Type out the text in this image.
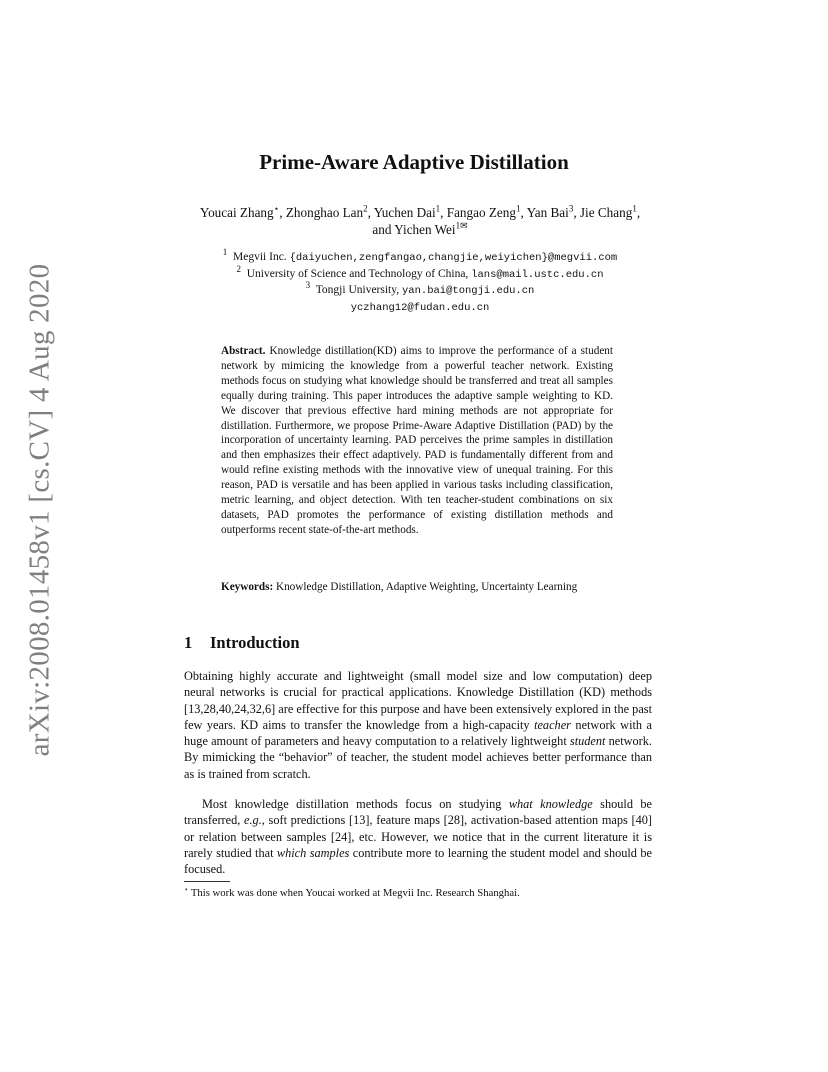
arXiv:2008.01458v1 [cs.CV] 4 Aug 2020
Prime-Aware Adaptive Distillation
Youcai Zhang⋆, Zhonghao Lan$^2$, Yuchen Dai$^1$, Fangao Zeng$^1$, Yan Bai$^3$, Jie Chang$^1$, and Yichen Wei$^{1✉}$
$^1$ Megvii Inc. {daiyuchen,zengfangao,changjie,weiyichen}@megvii.com
$^2$ University of Science and Technology of China, lans@mail.ustc.edu.cn
$^3$ Tongji University, yan.bai@tongji.edu.cn
yczhang12@fudan.edu.cn
Abstract. Knowledge distillation(KD) aims to improve the performance of a student network by mimicing the knowledge from a powerful teacher network. Existing methods focus on studying what knowledge should be transferred and treat all samples equally during training. This paper introduces the adaptive sample weighting to KD. We discover that previous effective hard mining methods are not appropriate for distillation. Furthermore, we propose Prime-Aware Adaptive Distillation (PAD) by the incorporation of uncertainty learning. PAD perceives the prime samples in distillation and then emphasizes their effect adaptively. PAD is fundamentally different from and would refine existing methods with the innovative view of unequal training. For this reason, PAD is versatile and has been applied in various tasks including classification, metric learning, and object detection. With ten teacher-student combinations on six datasets, PAD promotes the performance of existing distillation methods and outperforms recent state-of-the-art methods.
Keywords: Knowledge Distillation, Adaptive Weighting, Uncertainty Learning
1 Introduction
Obtaining highly accurate and lightweight (small model size and low computation) deep neural networks is crucial for practical applications. Knowledge Distillation (KD) methods [13,28,40,24,32,6] are effective for this purpose and have been extensively explored in the past few years. KD aims to transfer the knowledge from a high-capacity teacher network with a huge amount of parameters and heavy computation to a relatively lightweight student network. By mimicking the “behavior” of teacher, the student model achieves better performance than as is trained from scratch.
Most knowledge distillation methods focus on studying what knowledge should be transferred, e.g., soft predictions [13], feature maps [28], activation-based attention maps [40] or relation between samples [24], etc. However, we notice that in the current literature it is rarely studied that which samples contribute more to learning the student model and should be focused.
⋆ This work was done when Youcai worked at Megvii Inc. Research Shanghai.
